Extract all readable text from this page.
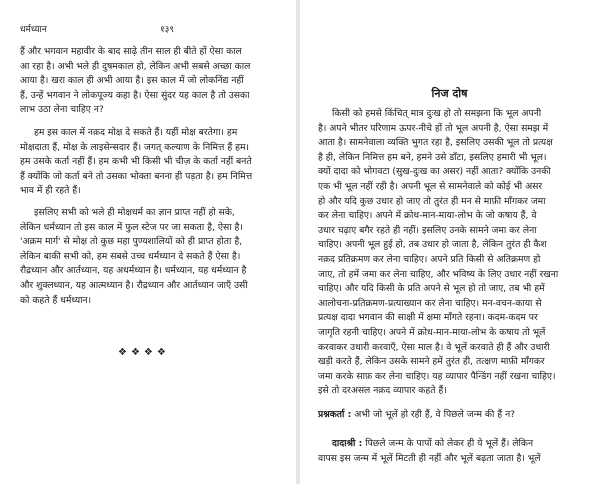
धर्मध्यान	१३९

हैं और भगवान महावीर के बाद साढ़े तीन साल ही बीते हों ऐसा काल
आ रहा है। अभी भले ही दुषमकाल हो, लेकिन अभी सबसे अच्छा काल
आया है। खरा काल ही अभी आया है। इस काल में जो लोकनिंद्य नहीं
हैं, उन्हें भगवान ने लोकपूज्य कहा है। ऐसा सुंदर यह काल है तो उसका
लाभ उठा लेना चाहिए न?

हम इस काल में नक़द मोक्ष दे सकते हैं। यहीं मोक्ष बरतेगा। हम
मोक्षदाता हैं, मोक्ष के लाइसेन्सदार हैं। जगत् कल्याण के निमित्त हैं हम।
हम उसके कर्ता नहीं हैं। हम कभी भी किसी भी चीज़ के कर्ता नहीं बनते
हैं क्योंकि जो कर्ता बने तो उसका भोक्ता बनना ही पड़ता है। हम निमित्त
भाव में ही रहते हैं।

इसलिए सभी को भले ही मोक्षधर्म का ज्ञान प्राप्त नहीं हो सके,
लेकिन धर्मध्यान तो इस काल में फुल स्टेज पर जा सकता है, ऐसा है।
'अक्रम मार्ग' से मोक्ष तो कुछ महा पुण्यशालियों को ही प्राप्त होता है,
लेकिन बाकी सभी को, हम सबसे उच्च धर्मध्यान दे सकते हैं ऐसा है।
रौद्रध्यान और आर्तध्यान, यह अधर्मध्यान है। धर्मध्यान, यह धर्मध्यान है
और शुक्लध्यान, यह आत्मध्यान है। रौद्रध्यान और आर्तध्यान जाएँ उसी
को कहते हैं धर्मध्यान।

❖❖❖❖
निज दोष

किसी को हमसे किंचित् मात्र दुःख हो तो समझना कि भूल अपनी
है। अपने भीतर परिणाम ऊपर-नीचे हों तो भूल अपनी है, ऐसा समझ में
आता है। सामनेवाला व्यक्ति भुगत रहा है, इसलिए उसकी भूल तो प्रत्यक्ष
है ही, लेकिन निमित्त हम बने, हमने उसे डाँटा, इसलिए हमारी भी भूल।
क्यों दादा को भोगवटा (सुख-दुःख का असर) नहीं आता? क्योंकि उनकी
एक भी भूल नहीं रही है। अपनी भूल से सामनेवाले को कोई भी असर
हो और यदि कुछ उधार हो जाए तो तुरंत ही मन से माफ़ी माँगकर जमा
कर लेना चाहिए। अपने में क्रोध-मान-माया-लोभ के जो कषाय हैं, वे
उधार चढ़ाए बगैर रहते ही नहीं। इसलिए उनके सामने जमा कर लेना
चाहिए। अपनी भूल हुई हो, तब उधार हो जाता है, लेकिन तुरंत ही कैश
नक़द प्रतिक्रमण कर लेना चाहिए। अपने प्रति किसी से अतिक्रमण हो
जाए, तो हमें जमा कर लेना चाहिए, और भविष्य के लिए उधार नहीं रखना
चाहिए। और यदि किसी के प्रति अपने से भूल हो तो जाए, तब भी हमें
आलोचना-प्रतिक्रमण-प्रत्याख्यान कर लेना चाहिए। मन-वचन-काया से
प्रत्यक्ष दादा भगवान की साक्षी में क्षमा माँगते रहना। कदम-कदम पर
जागृति रहनी चाहिए। अपने में क्रोध-मान-माया-लोभ के कषाय तो भूलें
करवाकर उधारी करवाएँ, ऐसा माल है। वे भूलें करवाते ही हैं और उधारी
खड़ी करते हैं, लेकिन उसके सामने हमें तुरंत ही, तत्क्षण माफ़ी माँगकर
जमा करके साफ़ कर लेना चाहिए। यह व्यापार पैन्डिंग नहीं रखना चाहिए।
इसे तो दरअसल नक़द व्यापार कहते हैं।

प्रश्नकर्ता : अभी जो भूलें हो रही हैं, वे पिछले जन्म की हैं न?

दादाश्री : पिछले जन्म के पापों को लेकर ही ये भूलें हैं। लेकिन
वापस इस जन्म में भूलें मिटती ही नहीं और भूलें बढ़ता जाता है। भूलें
